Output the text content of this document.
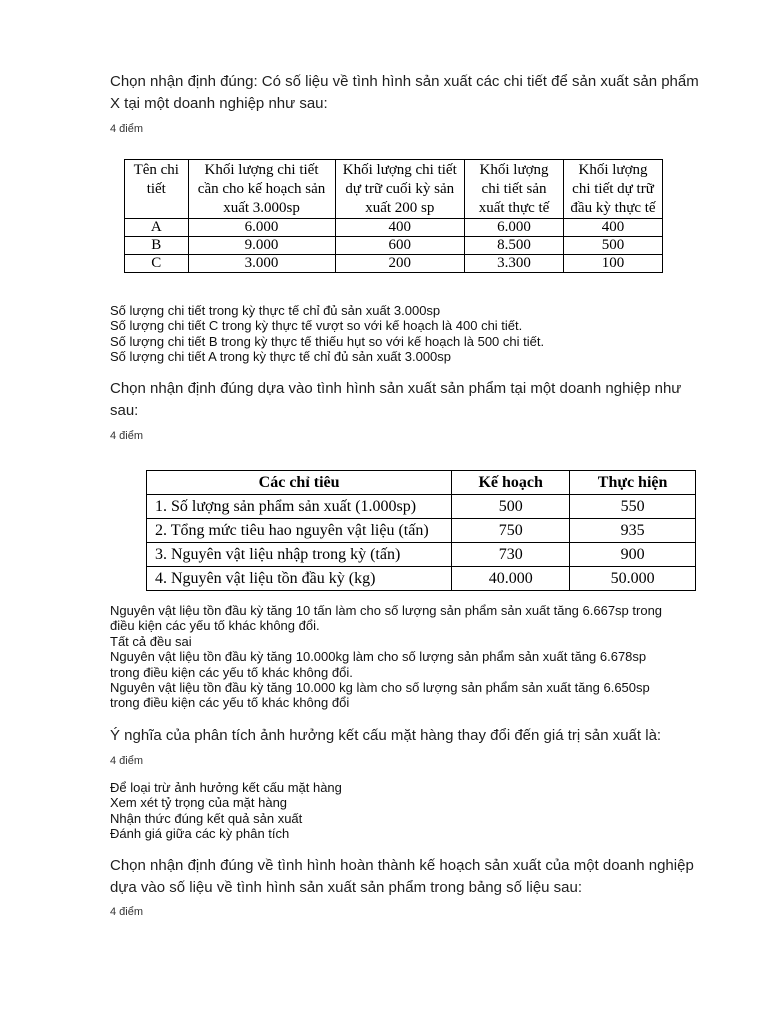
Chọn nhận định đúng: Có số liệu về tình hình sản xuất các chi tiết để sản xuất sản phẩm X tại một doanh nghiệp như sau:
4 điểm
Tên chi tiết	Khối lượng chi tiết cần cho kế hoạch sản xuất 3.000sp	Khối lượng chi tiết dự trữ cuối kỳ sản xuất 200 sp	Khối lượng chi tiết sản xuất thực tế	Khối lượng chi tiết dự trữ đầu kỳ thực tế
A	6.000	400	6.000	400
B	9.000	600	8.500	500
C	3.000	200	3.300	100
Số lượng chi tiết trong kỳ thực tế chỉ đủ sản xuất 3.000sp
Số lượng chi tiết C trong kỳ thực tế vượt so với kế hoạch là 400 chi tiết.
Số lượng chi tiết B trong kỳ thực tế thiếu hụt so với kế hoạch là 500 chi tiết.
Số lượng chi tiết A trong kỳ thực tế chỉ đủ sản xuất 3.000sp
Chọn nhận định đúng dựa vào tình hình sản xuất sản phẩm tại một doanh nghiệp như sau:
4 điểm
Các chỉ tiêu	Kế hoạch	Thực hiện
1. Số lượng sản phẩm sản xuất (1.000sp)	500	550
2. Tổng mức tiêu hao nguyên vật liệu (tấn)	750	935
3. Nguyên vật liệu nhập trong kỳ (tấn)	730	900
4. Nguyên vật liệu tồn đầu kỳ (kg)	40.000	50.000
Nguyên vật liệu tồn đầu kỳ tăng 10 tấn làm cho số lượng sản phẩm sản xuất tăng 6.667sp trong điều kiện các yếu tố khác không đổi.
Tất cả đều sai
Nguyên vật liệu tồn đầu kỳ tăng 10.000kg làm cho số lượng sản phẩm sản xuất tăng 6.678sp trong điều kiện các yếu tố khác không đổi.
Nguyên vật liệu tồn đầu kỳ tăng 10.000 kg làm cho số lượng sản phẩm sản xuất tăng 6.650sp trong điều kiện các yếu tố khác không đổi
Ý nghĩa của phân tích ảnh hưởng kết cấu mặt hàng thay đổi đến giá trị sản xuất là:
4 điểm
Để loại trừ ảnh hưởng kết cấu mặt hàng
Xem xét tỷ trọng của mặt hàng
Nhận thức đúng kết quả sản xuất
Đánh giá giữa các kỳ phân tích
Chọn nhận định đúng về tình hình hoàn thành kế hoạch sản xuất của một doanh nghiệp dựa vào số liệu về tình hình sản xuất sản phẩm trong bảng số liệu sau:
4 điểm
